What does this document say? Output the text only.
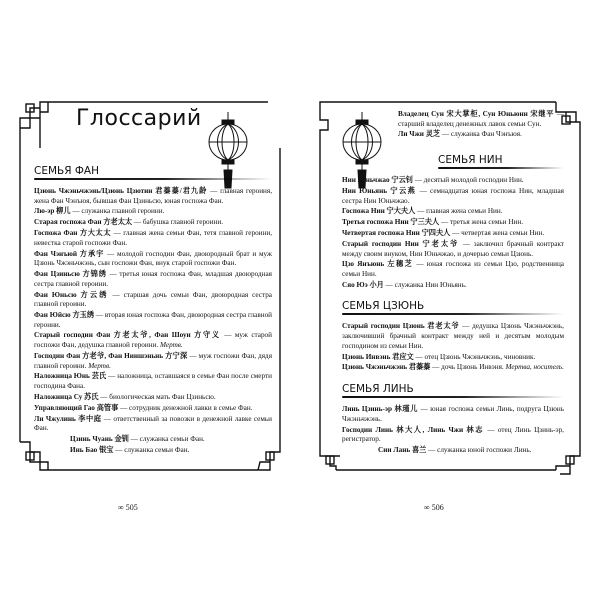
Глоссарий
СЕМЬЯ ФАН
Цзюнь Чжэньчжэнь/Цзюнь Цзютин 君蓁蓁/君九龄 — главная героиня, жена Фан Чэнъюя, бывшая Фан Цзиньсю, юная госпожа Фан.
Лю-эр 柳儿 — служанка главной героини.
Старая госпожа Фан 方老太太 — бабушка главной героини.
Госпожа Фан 方大太太 — главная жена семьи Фан, тетя главной героини, невестка старой госпожи Фан.
Фан Чэнъюй 方承宇 — молодой господин Фан, двоюродный брат и муж Цзюнь Чжэньчжэнь, сын госпожи Фан, внук старой госпожи Фан.
Фан Цзиньсю 方锦绣 — третья юная госпожа Фан, младшая двоюродная сестра главной героини.
Фан Юньсю 方云绣 — старшая дочь семьи Фан, двоюродная сестра главной героини.
Фан Юйсю 方玉绣 — вторая юная госпожа Фан, двоюродная сестра главной героини.
Старый господин Фан 方老太爷, Фан Шоуи 方守义 — муж старой госпожи Фан, дедушка главной героини. Мертв.
Господин Фан 方老爷, Фан Ниншэньнь 方宁深 — муж госпожи Фан, дядя главной героини. Мертв.
Наложница Юнь 芸氏 — наложница, оставшаяся в семье Фан после смерти господина Фана.
Наложница Су 苏氏 — биологическая мать Фан Цзиньсю.
Управляющий Гао 高管事 — сотрудник денежной лавки в семье Фан.
Ли Чжулинь 李中庭 — ответственный за повозки в денежной лавке семьи Фан.
Цзинь Чуань 金钏 — служанка семьи Фан.
Инь Бао 银宝 — служанка семьи Фан.
∞ 505
Владелец Сун 宋大掌柜, Сун Юньюнн 宋继平 — старший владелец денежных лавок семьи Сун.
Ли Чжи 灵芝 — служанка Фан Чэнъюя.
СЕМЬЯ НИН
Нин Юньчжао 宁云钊 — десятый молодой господин Нин.
Нин Юньянь 宁云燕 — семнадцатая юная госпожа Нин, младшая сестра Нин Юньчжао.
Госпожа Нин 宁大夫人 — главная жена семьи Нин.
Третья госпожа Нин 宁三夫人 — третья жена семьи Нин.
Четвертая госпожа Нин 宁四夫人 — четвертая жена семьи Нин.
Старый господин Нин 宁老太爷 — заключил брачный контракт между своим внуком, Нин Юньчжао, и дочерью семьи Цзюнь.
Цзо Янъюнь 左穗芝 — юная госпожа из семьи Цзо, родственница семьи Нин.
Сяо Юэ 小月 — служанка Нин Юньянь.
СЕМЬЯ ЦЗЮНЬ
Старый господин Цзюнь 君老太爷 — дедушка Цзюнь Чжэньчжэнь, заключивший брачный контракт между ней и десятым молодым господином из семьи Нин.
Цзюнь Инвэнь 君应文 — отец Цзюнь Чжэньчжэнь, чиновник.
Цзюнь Чжэньчжэнь 君蓁蓁 — дочь Цзюнь Инвэня. Мертва, носитель.
СЕМЬЯ ЛИНЬ
Линь Цзинь-эр 林瑾儿 — юная госпожа семьи Линь, подруга Цзюнь Чжэньчжэнь.
Господин Линь 林大人, Линь Чжи 林志 — отец Линь Цзинь-эр, регистратор.
Сии Лань 喜兰 — служанка юной госпожи Линь.
∞ 506
